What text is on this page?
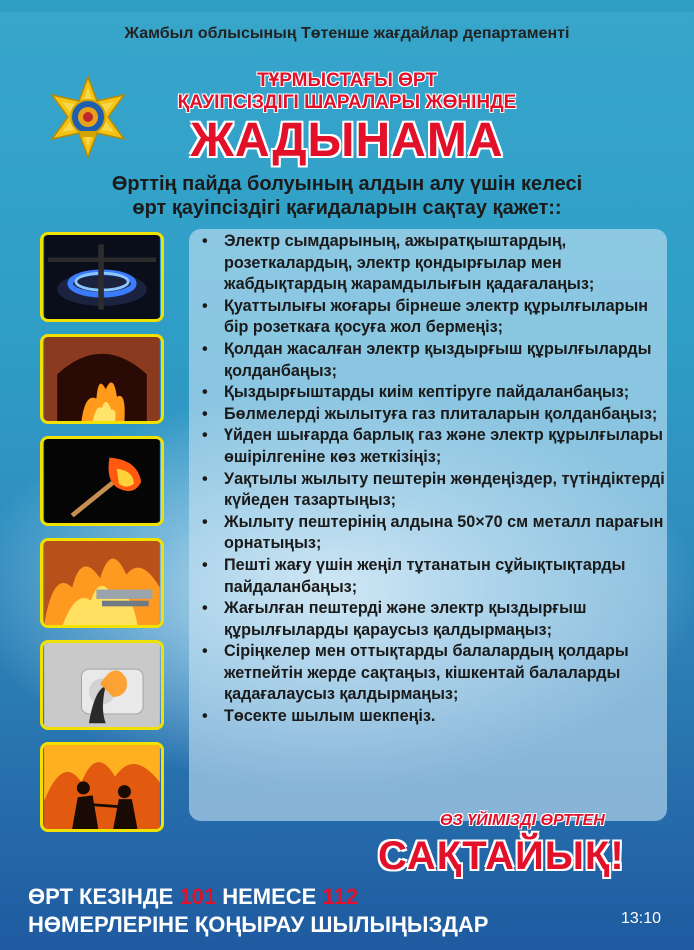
Жамбыл облысының Төтенше жағдайлар департаменті
ТҰРМЫСТАҒЫ ӨРТ
ҚАУІПСІЗДІГІ ШАРАЛАРЫ ЖӨНІНДЕ
ЖАДЫНАМА
Өрттің пайда болуының алдын алу үшін келесі
өрт қауіпсіздігі қағидаларын сақтау қажет::
• Электр сымдарының, ажыратқыштардың, розеткалардың, электр қондырғылар мен жабдықтардың жарамдылығын қадағалаңыз;
• Қуаттылығы жоғары бірнеше электр құрылғыларын бір розеткаға қосуға жол бермеңіз;
• Қолдан жасалған электр қыздырғыш құрылғыларды қолданбаңыз;
• Қыздырғыштарды киім кептіруге пайдаланбаңыз;
• Бөлмелерді жылытуға газ плиталарын қолданбаңыз;
• Үйден шығарда барлық газ және электр құрылғылары өшірілгеніне көз жеткізіңіз;
• Уақтылы жылыту пештерін жөндеңіздер, түтіндіктерді күйеден тазартыңыз;
• Жылыту пештерінің алдына 50×70 см металл парағын орнатыңыз;
• Пешті жағу үшін жеңіл тұтанатын сұйықтықтарды пайдаланбаңыз;
• Жағылған пештерді және электр қыздырғыш құрылғыларды қараусыз қалдырмаңыз;
• Сіріңкелер мен оттықтарды балалардың қолдары жетпейтін жерде сақтаңыз, кішкентай балаларды қадағалаусыз қалдырмаңыз;
• Төсекте шылым шекпеңіз.
ӨЗ ҮЙІМІЗДІ ӨРТТЕН
САҚТАЙЫҚ!
ӨРТ КЕЗІНДЕ 101 НЕМЕСЕ 112
НӨМЕРЛЕРІНЕ ҚОҢЫРАУ ШЫЛЫҢЫЗДАР	13:10
